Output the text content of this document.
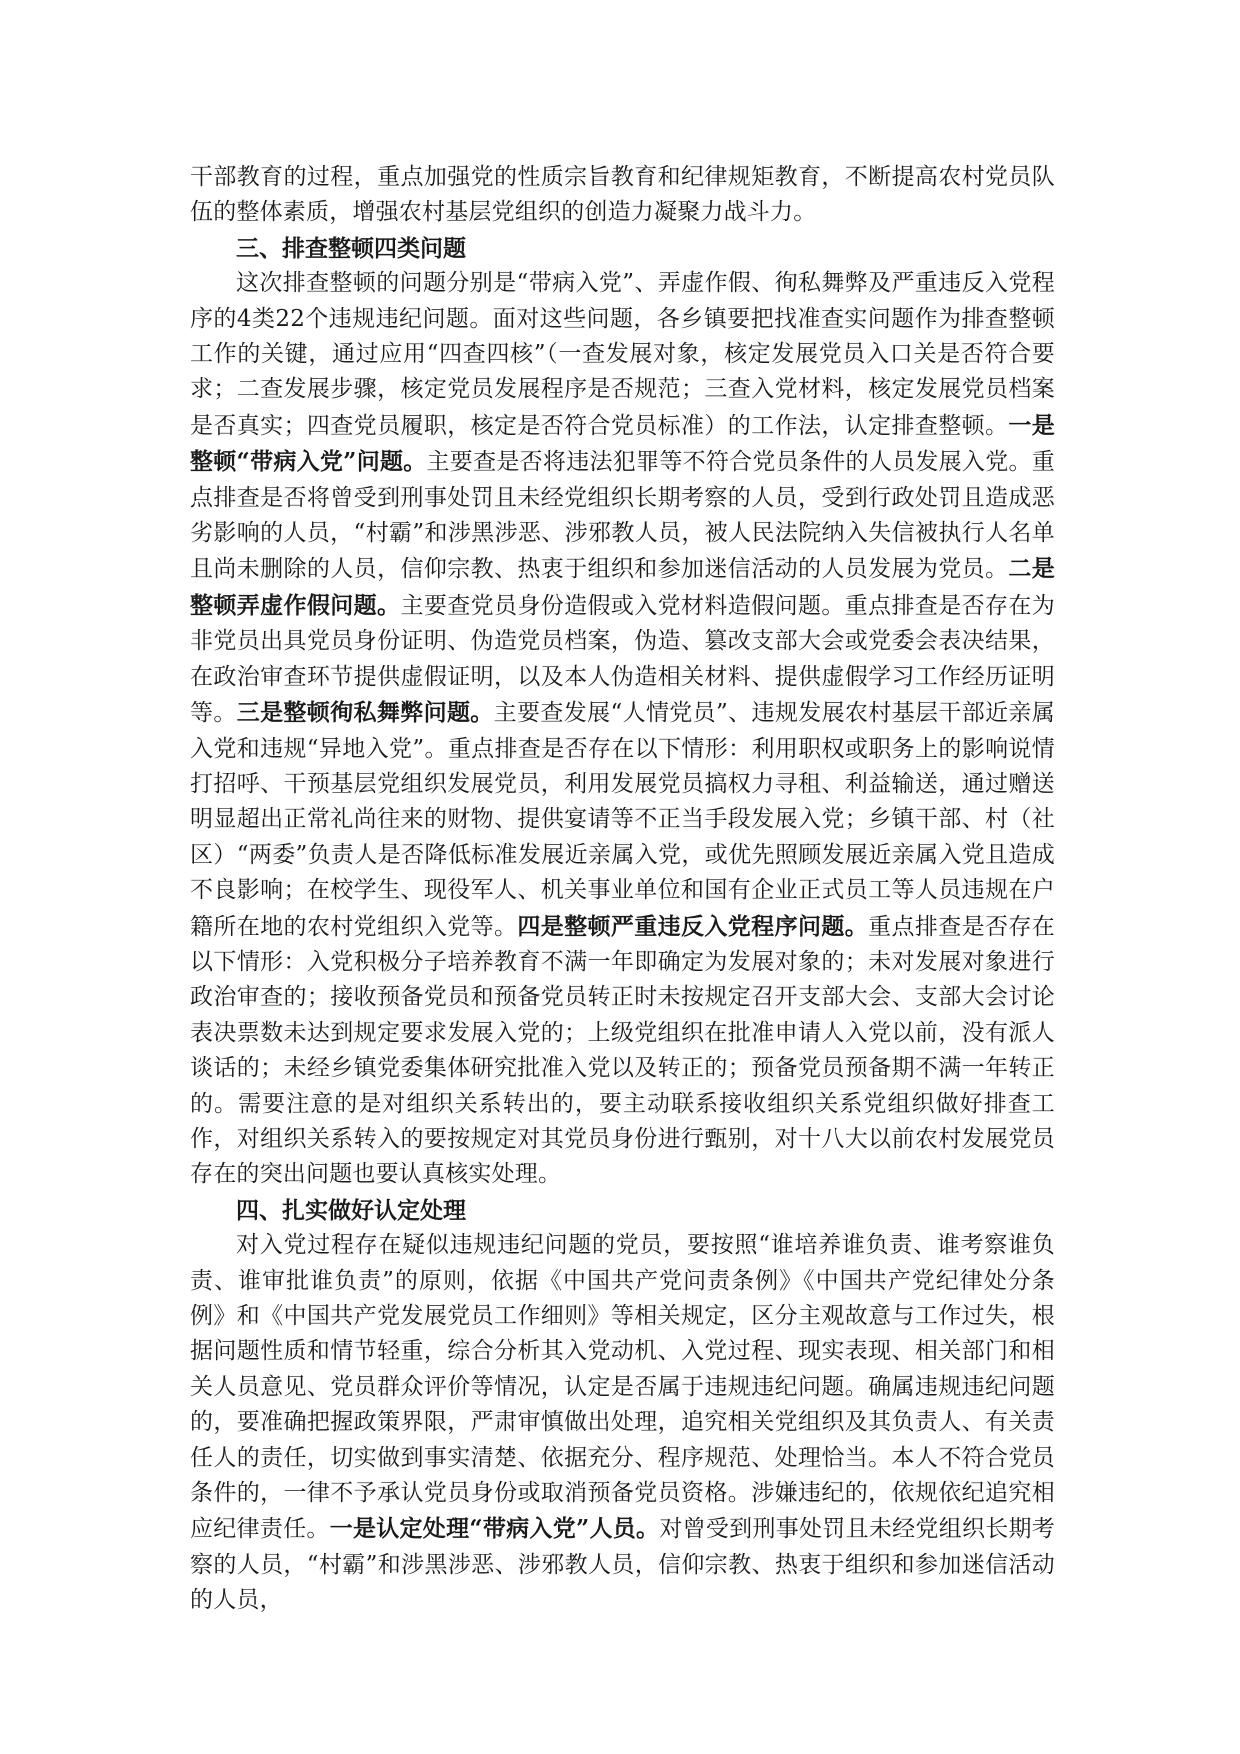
干部教育的过程，重点加强党的性质宗旨教育和纪律规矩教育，不断提高农村党员队伍的整体素质，增强农村基层党组织的创造力凝聚力战斗力。

三、排查整顿四类问题

这次排查整顿的问题分别是“带病入党”、弄虚作假、徇私舞弊及严重违反入党程序的4类22个违规违纪问题。面对这些问题，各乡镇要把找准查实问题作为排查整顿工作的关键，通过应用“四查四核”（一查发展对象，核定发展党员入口关是否符合要求；二查发展步骤，核定党员发展程序是否规范；三查入党材料，核定发展党员档案是否真实；四查党员履职，核定是否符合党员标准）的工作法，认定排查整顿。一是整顿“带病入党”问题。主要查是否将违法犯罪等不符合党员条件的人员发展入党。重点排查是否将曾受到刑事处罚且未经党组织长期考察的人员，受到行政处罚且造成恶劣影响的人员，“村霸”和涉黑涉恶、涉邪教人员，被人民法院纳入失信被执行人名单且尚未删除的人员，信仰宗教、热衷于组织和参加迷信活动的人员发展为党员。二是整顿弄虚作假问题。主要查党员身份造假或入党材料造假问题。重点排查是否存在为非党员出具党员身份证明、伪造党员档案，伪造、篡改支部大会或党委会表决结果，在政治审查环节提供虚假证明，以及本人伪造相关材料、提供虚假学习工作经历证明等。三是整顿徇私舞弊问题。主要查发展“人情党员”、违规发展农村基层干部近亲属入党和违规“异地入党”。重点排查是否存在以下情形：利用职权或职务上的影响说情打招呼、干预基层党组织发展党员，利用发展党员搞权力寻租、利益输送，通过赠送明显超出正常礼尚往来的财物、提供宴请等不正当手段发展入党；乡镇干部、村（社区）“两委”负责人是否降低标准发展近亲属入党，或优先照顾发展近亲属入党且造成不良影响；在校学生、现役军人、机关事业单位和国有企业正式员工等人员违规在户籍所在地的农村党组织入党等。四是整顿严重违反入党程序问题。重点排查是否存在以下情形：入党积极分子培养教育不满一年即确定为发展对象的；未对发展对象进行政治审查的；接收预备党员和预备党员转正时未按规定召开支部大会、支部大会讨论表决票数未达到规定要求发展入党的；上级党组织在批准申请人入党以前，没有派人谈话的；未经乡镇党委集体研究批准入党以及转正的；预备党员预备期不满一年转正的。需要注意的是对组织关系转出的，要主动联系接收组织关系党组织做好排查工作，对组织关系转入的要按规定对其党员身份进行甄别，对十八大以前农村发展党员存在的突出问题也要认真核实处理。

四、扎实做好认定处理

对入党过程存在疑似违规违纪问题的党员，要按照“谁培养谁负责、谁考察谁负责、谁审批谁负责”的原则，依据《中国共产党问责条例》《中国共产党纪律处分条例》和《中国共产党发展党员工作细则》等相关规定，区分主观故意与工作过失，根据问题性质和情节轻重，综合分析其入党动机、入党过程、现实表现、相关部门和相关人员意见、党员群众评价等情况，认定是否属于违规违纪问题。确属违规违纪问题的，要准确把握政策界限，严肃审慎做出处理，追究相关党组织及其负责人、有关责任人的责任，切实做到事实清楚、依据充分、程序规范、处理恰当。本人不符合党员条件的，一律不予承认党员身份或取消预备党员资格。涉嫌违纪的，依规依纪追究相应纪律责任。一是认定处理“带病入党”人员。对曾受到刑事处罚且未经党组织长期考察的人员，“村霸”和涉黑涉恶、涉邪教人员，信仰宗教、热衷于组织和参加迷信活动的人员，
